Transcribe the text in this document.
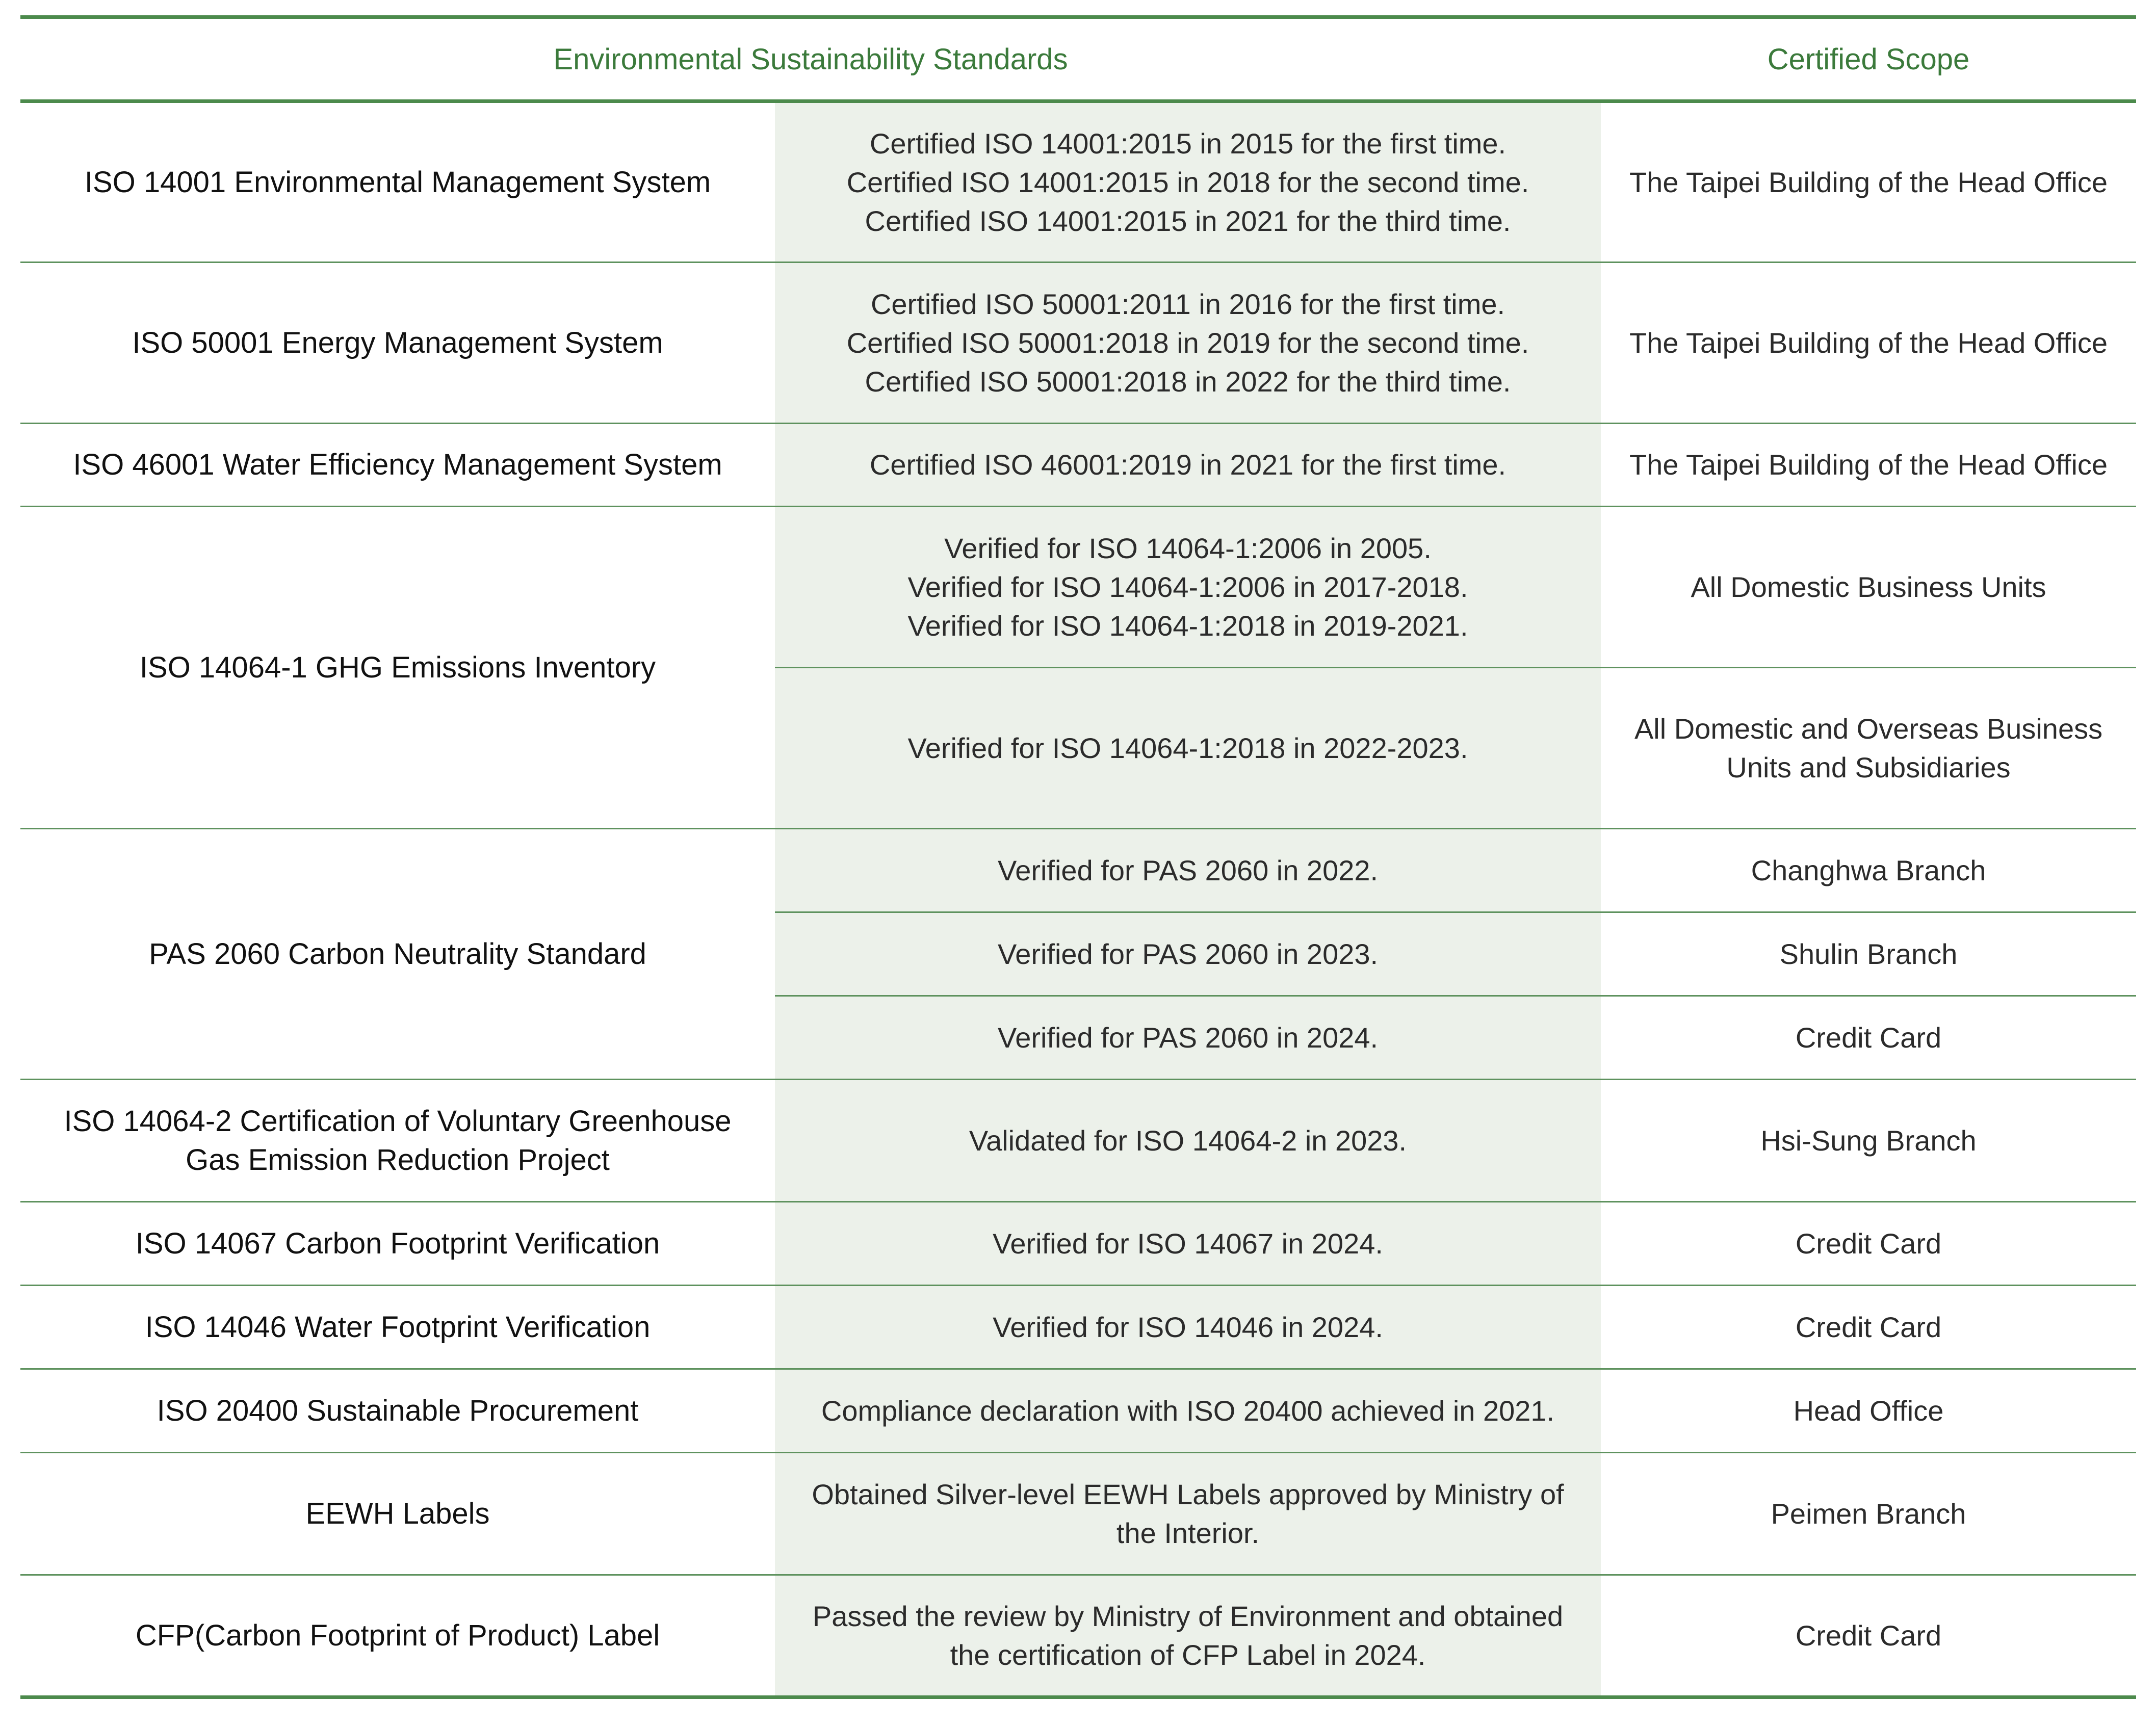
Environmental Sustainability Standards		Certified Scope
ISO 14001 Environmental Management System	Certified ISO 14001:2015 in 2015 for the first time.
Certified ISO 14001:2015 in 2018 for the second time.
Certified ISO 14001:2015 in 2021 for the third time.	The Taipei Building of the Head Office
ISO 50001 Energy Management System	Certified ISO 50001:2011 in 2016 for the first time.
Certified ISO 50001:2018 in 2019 for the second time.
Certified ISO 50001:2018 in 2022 for the third time.	The Taipei Building of the Head Office
ISO 46001 Water Efficiency Management System	Certified ISO 46001:2019 in 2021 for the first time.	The Taipei Building of the Head Office
ISO 14064-1 GHG Emissions Inventory	Verified for ISO 14064-1:2006 in 2005.
Verified for ISO 14064-1:2006 in 2017-2018.
Verified for ISO 14064-1:2018 in 2019-2021.	All Domestic Business Units
	Verified for ISO 14064-1:2018 in 2022-2023.	All Domestic and Overseas Business
Units and Subsidiaries

PAS 2060 Carbon Neutrality Standard	Verified for PAS 2060 in 2022.	Changhwa Branch
	Verified for PAS 2060 in 2023.	Shulin Branch
	Verified for PAS 2060 in 2024.	Credit Card

ISO 14064-2 Certification of Voluntary Greenhouse
Gas Emission Reduction Project	Validated for ISO 14064-2 in 2023.	Hsi-Sung Branch
ISO 14067 Carbon Footprint Verification	Verified for ISO 14067 in 2024.	Credit Card
ISO 14046 Water Footprint Verification	Verified for ISO 14046 in 2024.	Credit Card
ISO 20400 Sustainable Procurement	Compliance declaration with ISO 20400 achieved in 2021.	Head Office
EEWH Labels	Obtained Silver-level EEWH Labels approved by Ministry of
the Interior.	Peimen Branch
CFP(Carbon Footprint of Product) Label	Passed the review by Ministry of Environment and obtained
the certification of CFP Label in 2024.	Credit Card
